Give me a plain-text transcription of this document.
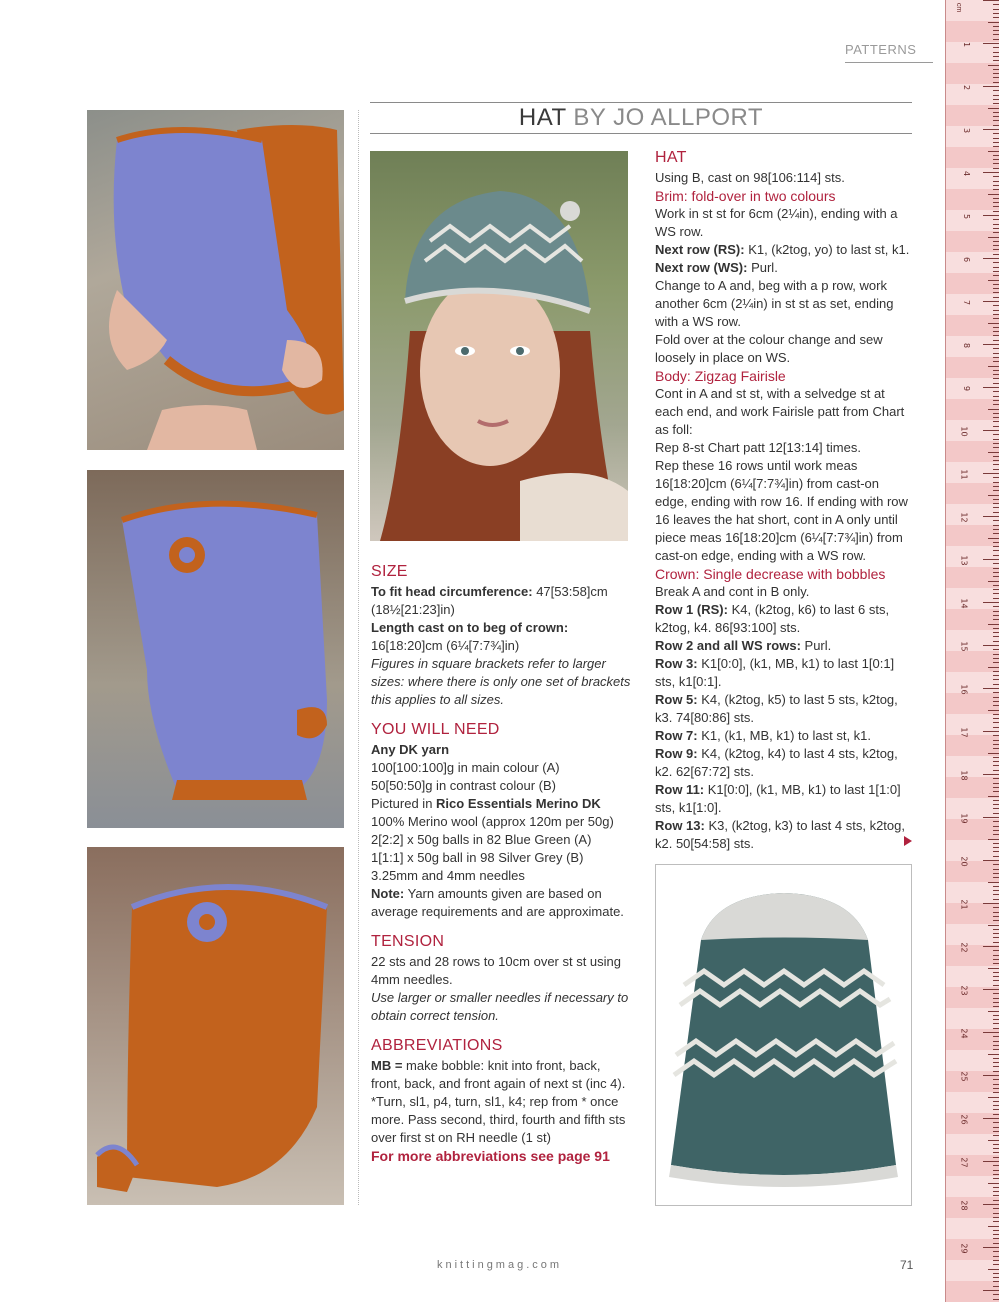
cm
1
2
3
4
5
6
7
8
9
10
11
12
13
14
15
16
17
18
19
20
21
22
23
24
25
26
27
28
29
PATTERNS
HAT BY JO ALLPORT
SIZE
To fit head circumference: 47[53:58]cm (18½[21:23]in)
Length cast on to beg of crown: 16[18:20]cm (6¼[7:7¾]in)
Figures in square brackets refer to larger sizes: where there is only one set of brackets this applies to all sizes.
YOU WILL NEED
Any DK yarn
100[100:100]g in main colour (A)
50[50:50]g in contrast colour (B)
Pictured in Rico Essentials Merino DK
100% Merino wool (approx 120m per 50g)
2[2:2] x 50g balls in 82 Blue Green (A)
1[1:1] x 50g ball in 98 Silver Grey (B)
3.25mm and 4mm needles
Note: Yarn amounts given are based on average requirements and are approximate.
TENSION
22 sts and 28 rows to 10cm over st st using 4mm needles.
Use larger or smaller needles if necessary to obtain correct tension.
ABBREVIATIONS
MB = make bobble: knit into front, back, front, back, and front again of next st (inc 4). *Turn, sl1, p4, turn, sl1, k4; rep from * once more. Pass second, third, fourth and fifth sts over first st on RH needle (1 st)
For more abbreviations see page 91
HAT
Using B, cast on 98[106:114] sts.
Brim: fold-over in two colours
Work in st st for 6cm (2¼in), ending with a WS row.
Next row (RS): K1, (k2tog, yo) to last st, k1.
Next row (WS): Purl.
Change to A and, beg with a p row, work another 6cm (2¼in) in st st as set, ending with a WS row.
Fold over at the colour change and sew loosely in place on WS.
Body: Zigzag Fairisle
Cont in A and st st, with a selvedge st at each end, and work Fairisle patt from Chart as foll:
Rep 8-st Chart patt 12[13:14] times.
Rep these 16 rows until work meas 16[18:20]cm (6¼[7:7¾]in) from cast-on edge, ending with row 16. If ending with row 16 leaves the hat short, cont in A only until piece meas 16[18:20]cm (6¼[7:7¾]in) from cast-on edge, ending with a WS row.
Crown: Single decrease with bobbles
Break A and cont in B only.
Row 1 (RS): K4, (k2tog, k6) to last 6 sts, k2tog, k4. 86[93:100] sts.
Row 2 and all WS rows: Purl.
Row 3: K1[0:0], (k1, MB, k1) to last 1[0:1] sts, k1[0:1].
Row 5: K4, (k2tog, k5) to last 5 sts, k2tog, k3. 74[80:86] sts.
Row 7: K1, (k1, MB, k1) to last st, k1.
Row 9: K4, (k2tog, k4) to last 4 sts, k2tog, k2. 62[67:72] sts.
Row 11: K1[0:0], (k1, MB, k1) to last 1[1:0] sts, k1[1:0].
Row 13: K3, (k2tog, k3) to last 4 sts, k2tog, k2. 50[54:58] sts.
knittingmag.com	71
